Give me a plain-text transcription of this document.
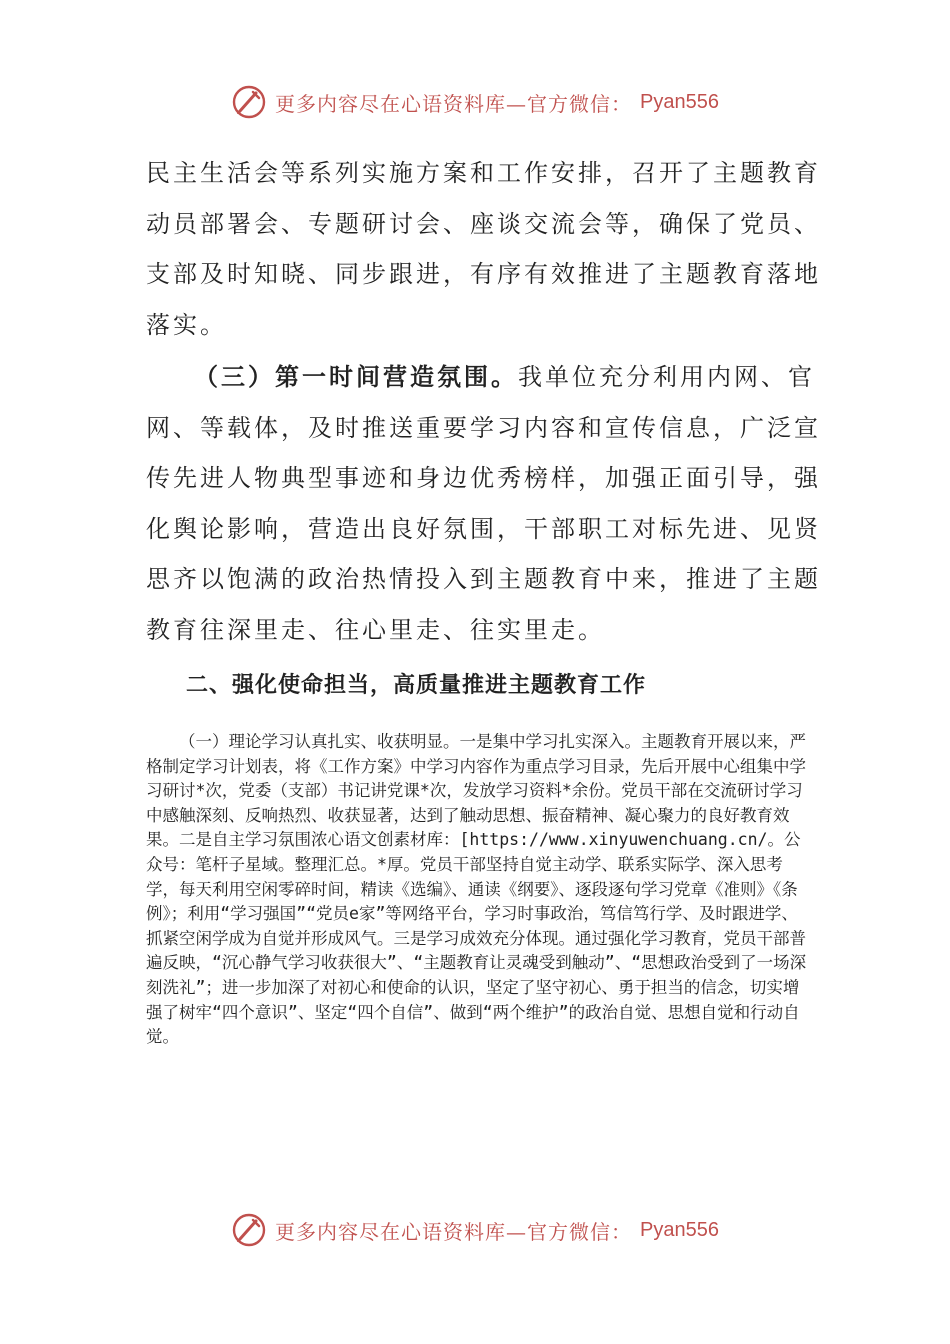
更多内容尽在心语资料库—官方微信： Pyan556

民主生活会等系列实施方案和工作安排，召开了主题教育动员部署会、专题研讨会、座谈交流会等，确保了党员、支部及时知晓、同步跟进，有序有效推进了主题教育落地落实。

（三）第一时间营造氛围。我单位充分利用内网、官网、等载体，及时推送重要学习内容和宣传信息，广泛宣传先进人物典型事迹和身边优秀榜样，加强正面引导，强化舆论影响，营造出良好氛围，干部职工对标先进、见贤思齐以饱满的政治热情投入到主题教育中来，推进了主题教育往深里走、往心里走、往实里走。

二、强化使命担当，高质量推进主题教育工作

（一）理论学习认真扎实、收获明显。一是集中学习扎实深入。主题教育开展以来，严格制定学习计划表，将《工作方案》中学习内容作为重点学习目录，先后开展中心组集中学习研讨*次，党委（支部）书记讲党课*次，发放学习资料*余份。党员干部在交流研讨学习中感触深刻、反响热烈、收获显著，达到了触动思想、振奋精神、凝心聚力的良好教育效果。二是自主学习氛围浓心语文创素材库：[https://www.xinyuwenchuang.cn/。公众号：笔杆子星域。整理汇总。*厚。党员干部坚持自觉主动学、联系实际学、深入思考学，每天利用空闲零碎时间，精读《选编》、通读《纲要》、逐段逐句学习党章《准则》《条例》；利用“学习强国”“党员e家”等网络平台，学习时事政治，笃信笃行学、及时跟进学、抓紧空闲学成为自觉并形成风气。三是学习成效充分体现。通过强化学习教育，党员干部普遍反映，“沉心静气学习收获很大”、“主题教育让灵魂受到触动”、“思想政治受到了一场深刻洗礼”；进一步加深了对初心和使命的认识，坚定了坚守初心、勇于担当的信念，切实增强了树牢“四个意识”、坚定“四个自信”、做到“两个维护”的政治自觉、思想自觉和行动自觉。

更多内容尽在心语资料库—官方微信： Pyan556
